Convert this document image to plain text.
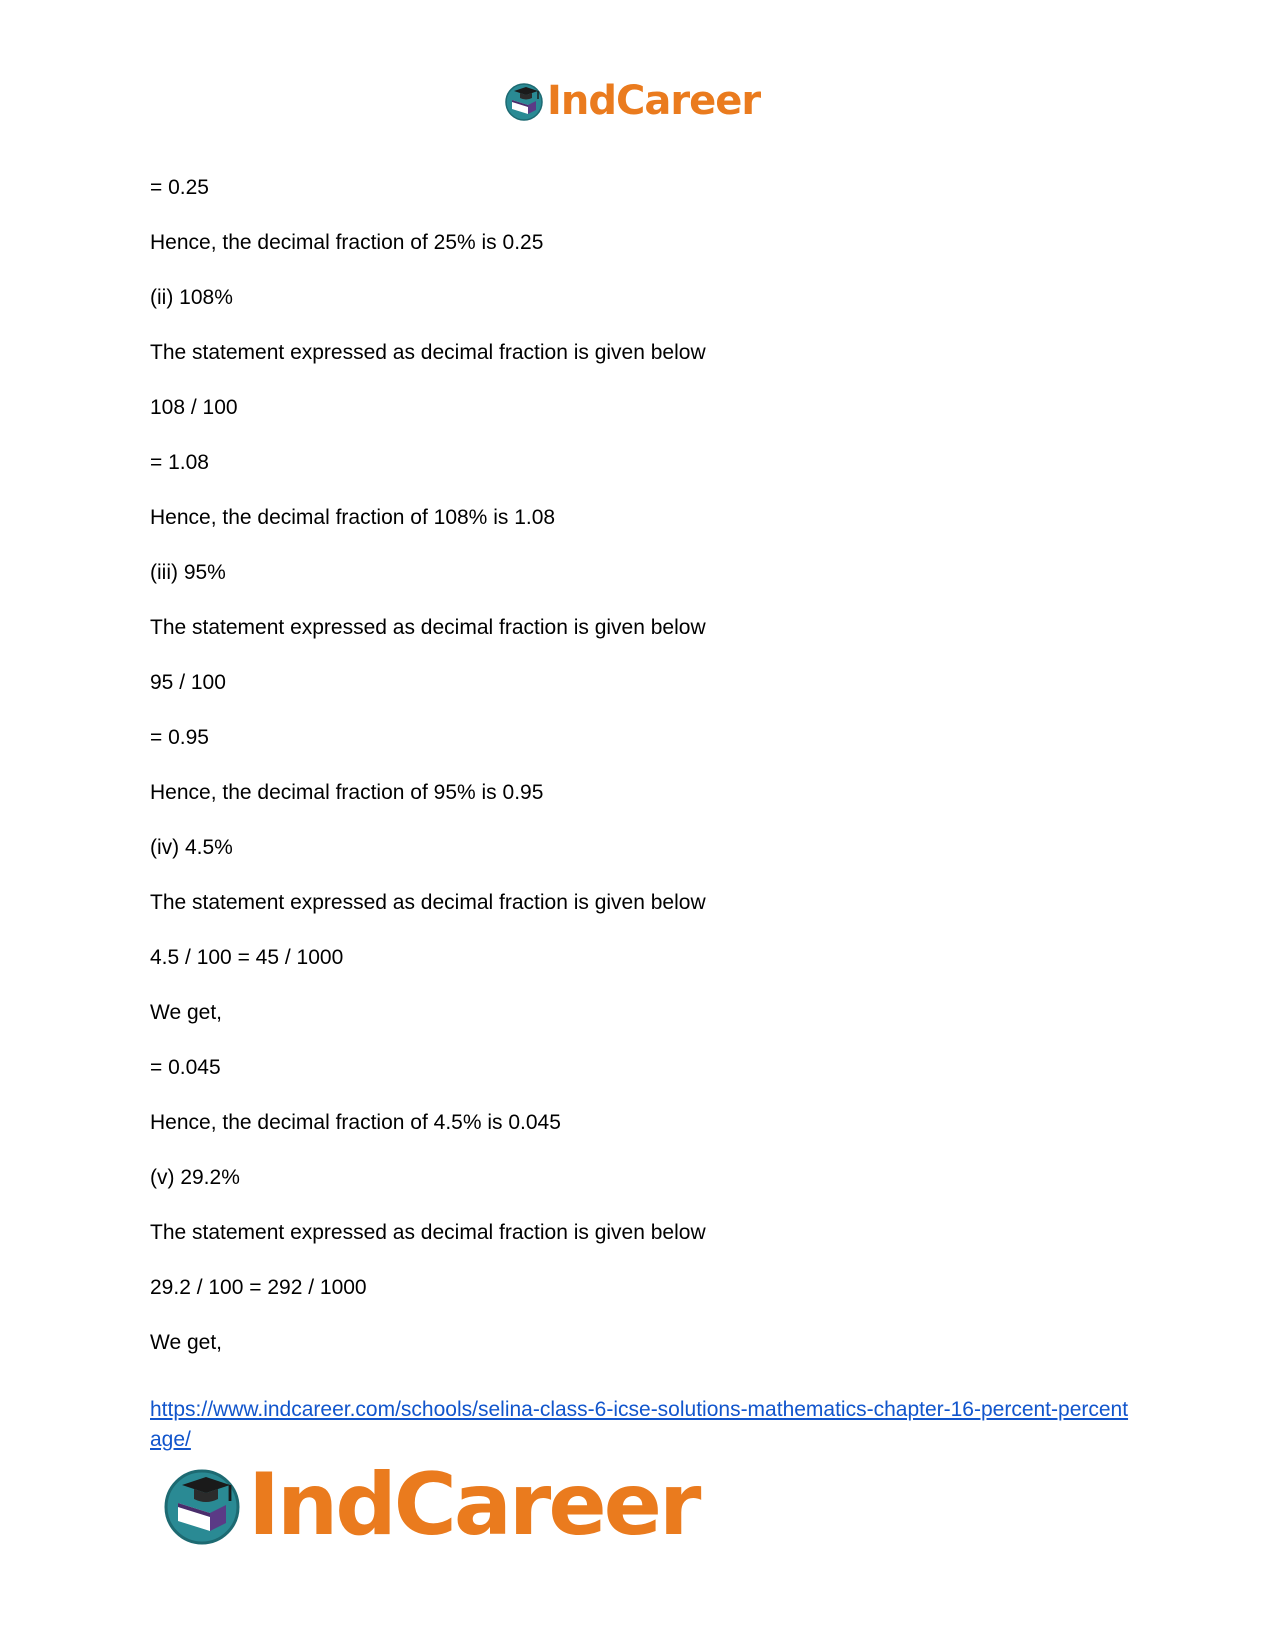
IndCareer
= 0.25
Hence, the decimal fraction of 25% is 0.25
(ii) 108%
The statement expressed as decimal fraction is given below
108 / 100
= 1.08
Hence, the decimal fraction of 108% is 1.08
(iii) 95%
The statement expressed as decimal fraction is given below
95 / 100
= 0.95
Hence, the decimal fraction of 95% is 0.95
(iv) 4.5%
The statement expressed as decimal fraction is given below
4.5 / 100 = 45 / 1000
We get,
= 0.045
Hence, the decimal fraction of 4.5% is 0.045
(v) 29.2%
The statement expressed as decimal fraction is given below
29.2 / 100 = 292 / 1000
We get,
https://www.indcareer.com/schools/selina-class-6-icse-solutions-mathematics-chapter-16-percent-percentage/
IndCareer
